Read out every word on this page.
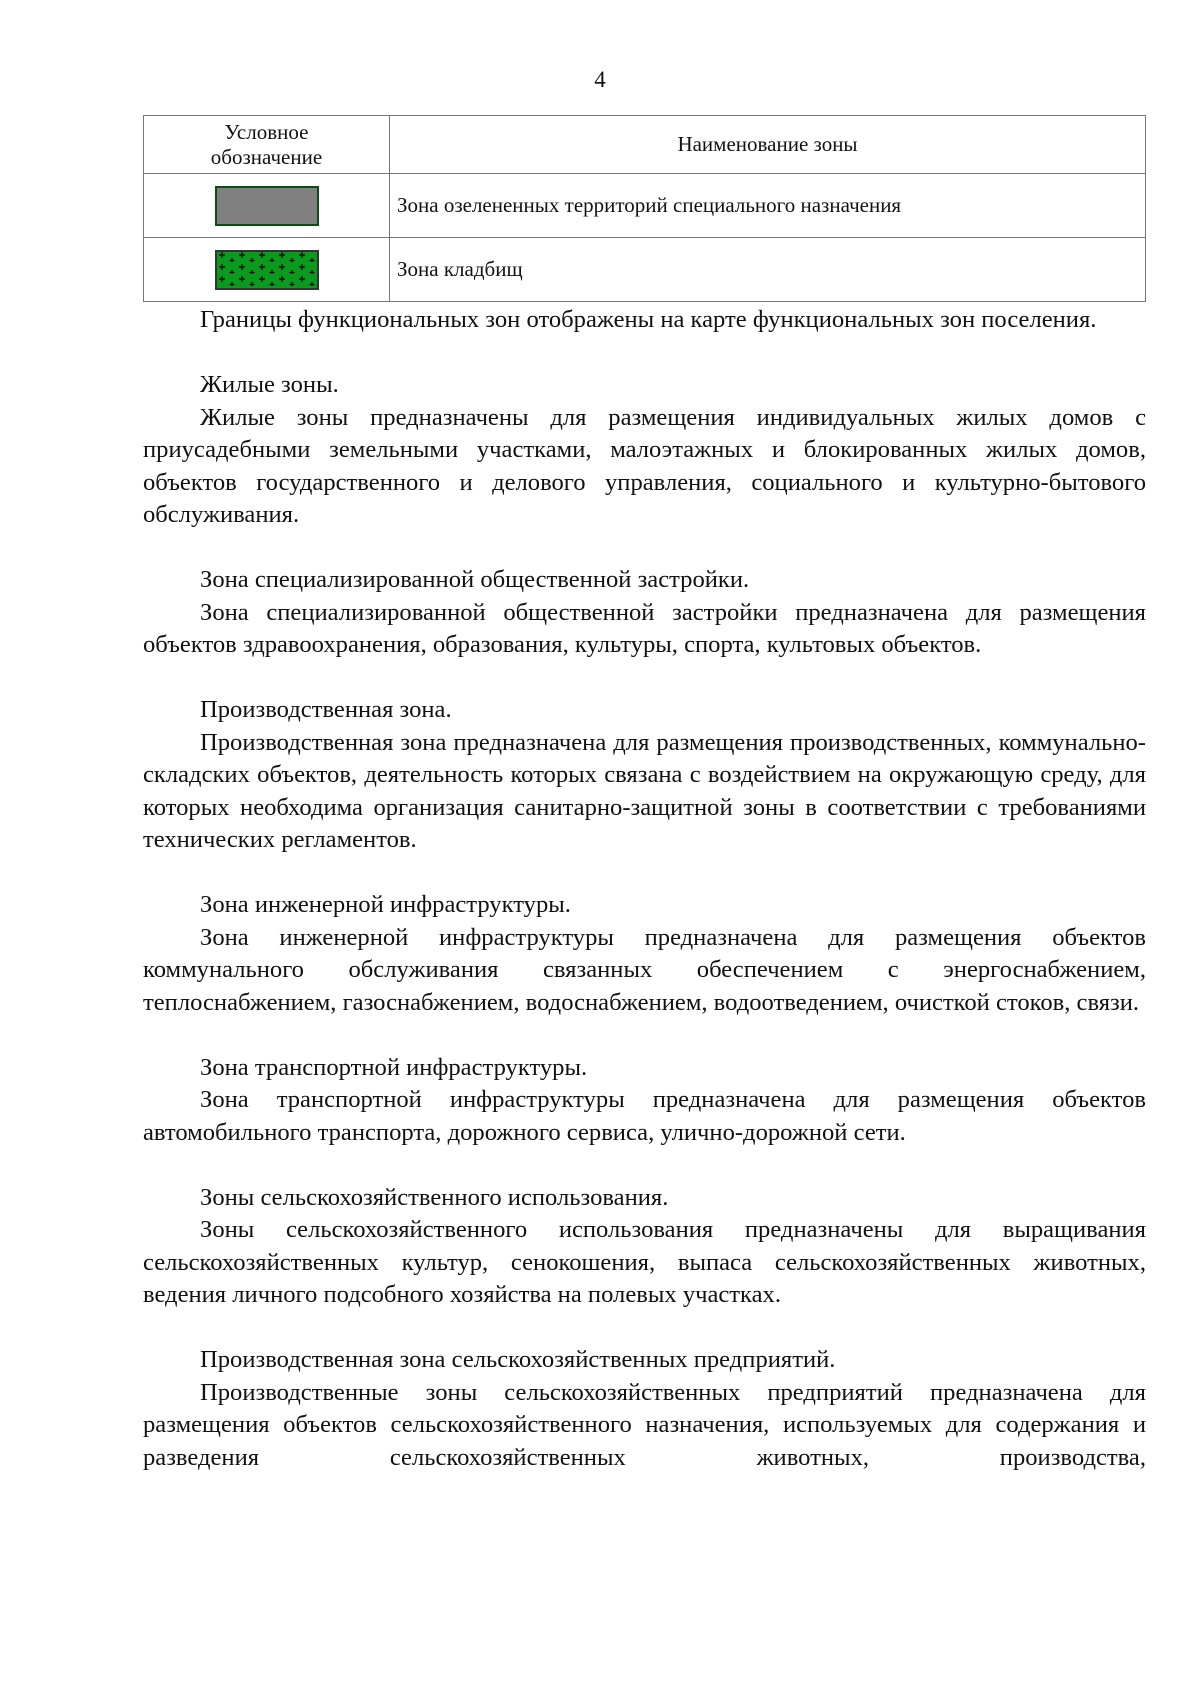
4
Условное обозначение	Наименование зоны

	Зона озелененных территорий специального назначения

	Зона кладбищ

Границы функциональных зон отображены на карте функциональных зон поселения.

Жилые зоны.

Жилые зоны предназначены для размещения индивидуальных жилых домов с приусадебными земельными участками, малоэтажных и блокированных жилых домов, объектов государственного и делового управления, социального и культурно-бытового обслуживания.

Зона специализированной общественной застройки.

Зона специализированной общественной застройки предназначена для размещения объектов здравоохранения, образования, культуры, спорта, культовых объектов.

Производственная зона.

Производственная зона предназначена для размещения производственных, коммунально-складских объектов, деятельность которых связана с воздействием на окружающую среду, для которых необходима организация санитарно-защитной зоны в соответствии с требованиями технических регламентов.

Зона инженерной инфраструктуры.

Зона инженерной инфраструктуры предназначена для размещения объектов коммунального обслуживания связанных обеспечением с энергоснабжением, теплоснабжением, газоснабжением, водоснабжением, водоотведением, очисткой стоков, связи.

Зона транспортной инфраструктуры.

Зона транспортной инфраструктуры предназначена для размещения объектов автомобильного транспорта, дорожного сервиса, улично-дорожной сети.

Зоны сельскохозяйственного использования.

Зоны сельскохозяйственного использования предназначены для выращивания сельскохозяйственных культур, сенокошения, выпаса сельскохозяйственных животных, ведения личного подсобного хозяйства на полевых участках.

Производственная зона сельскохозяйственных предприятий.

Производственные зоны сельскохозяйственных предприятий предназначена для размещения объектов сельскохозяйственного назначения, используемых для содержания и разведения сельскохозяйственных животных, производства,
